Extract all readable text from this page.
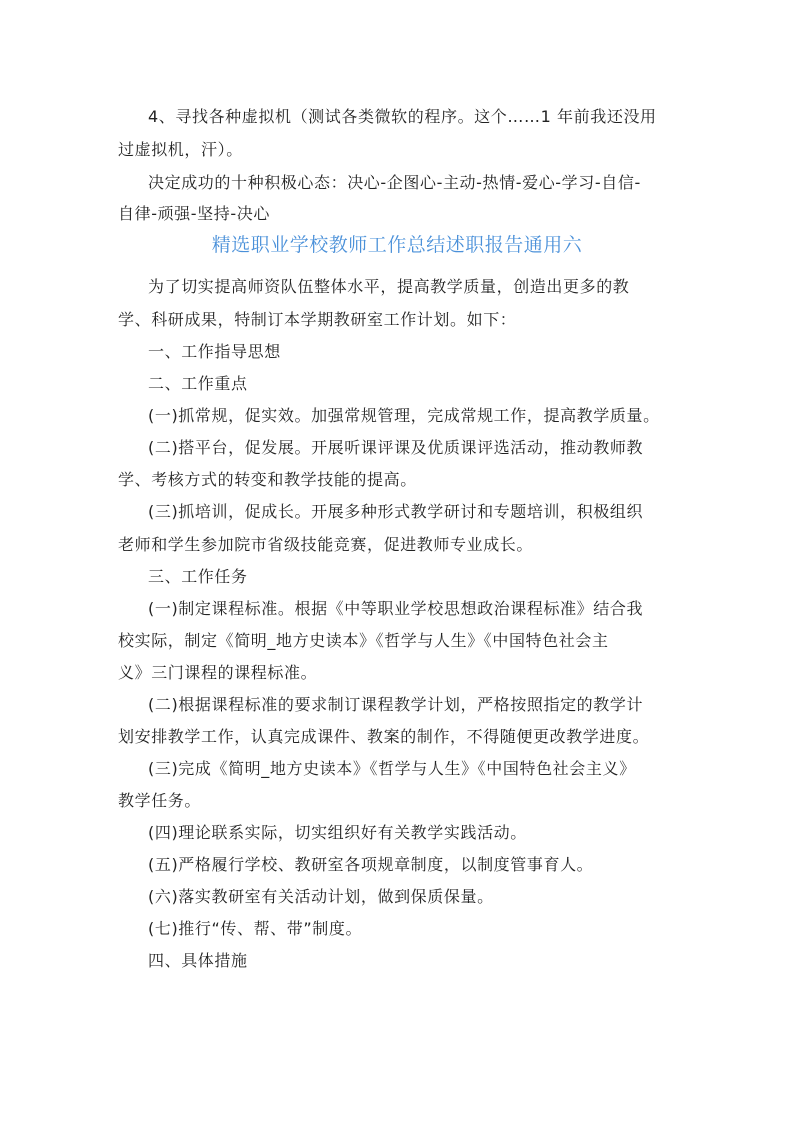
4、寻找各种虚拟机（测试各类微软的程序。这个……1 年前我还没用
过虚拟机，汗）。
决定成功的十种积极心态：决心-企图心-主动-热情-爱心-学习-自信-
自律-顽强-坚持-决心
精选职业学校教师工作总结述职报告通用六
为了切实提高师资队伍整体水平，提高教学质量，创造出更多的教
学、科研成果，特制订本学期教研室工作计划。如下：
一、工作指导思想
二、工作重点
(一)抓常规，促实效。加强常规管理，完成常规工作，提高教学质量。
(二)搭平台，促发展。开展听课评课及优质课评选活动，推动教师教
学、考核方式的转变和教学技能的提高。
(三)抓培训，促成长。开展多种形式教学研讨和专题培训，积极组织
老师和学生参加院市省级技能竞赛，促进教师专业成长。
三、工作任务
(一)制定课程标准。根据《中等职业学校思想政治课程标准》结合我
校实际，制定《简明_地方史读本》《哲学与人生》《中国特色社会主
义》三门课程的课程标准。
(二)根据课程标准的要求制订课程教学计划，严格按照指定的教学计
划安排教学工作，认真完成课件、教案的制作，不得随便更改教学进度。
(三)完成《简明_地方史读本》《哲学与人生》《中国特色社会主义》
教学任务。
(四)理论联系实际，切实组织好有关教学实践活动。
(五)严格履行学校、教研室各项规章制度，以制度管事育人。
(六)落实教研室有关活动计划，做到保质保量。
(七)推行“传、帮、带”制度。
四、具体措施
